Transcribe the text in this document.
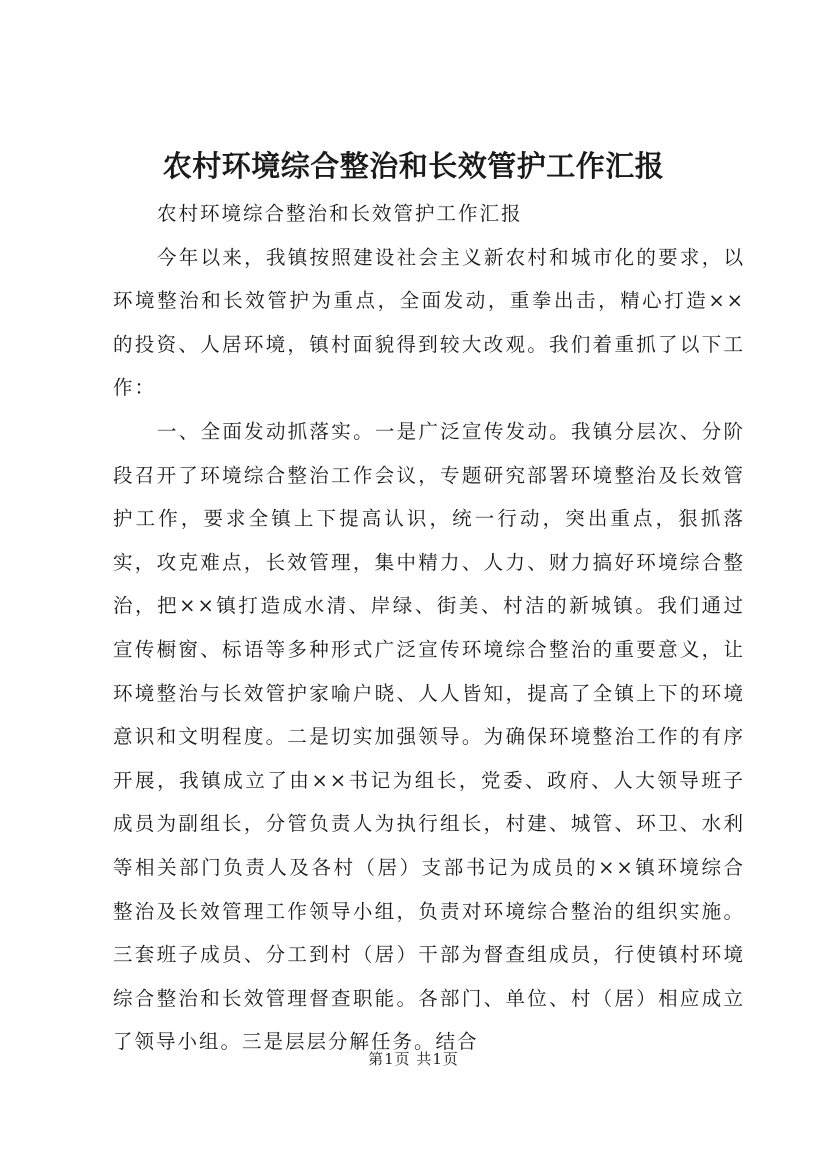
农村环境综合整治和长效管护工作汇报

农村环境综合整治和长效管护工作汇报

今年以来，我镇按照建设社会主义新农村和城市化的要求，以环境整治和长效管护为重点，全面发动，重拳出击，精心打造××的投资、人居环境，镇村面貌得到较大改观。我们着重抓了以下工作：

一、全面发动抓落实。一是广泛宣传发动。我镇分层次、分阶段召开了环境综合整治工作会议，专题研究部署环境整治及长效管护工作，要求全镇上下提高认识，统一行动，突出重点，狠抓落实，攻克难点，长效管理，集中精力、人力、财力搞好环境综合整治，把××镇打造成水清、岸绿、街美、村洁的新城镇。我们通过宣传橱窗、标语等多种形式广泛宣传环境综合整治的重要意义，让环境整治与长效管护家喻户晓、人人皆知，提高了全镇上下的环境意识和文明程度。二是切实加强领导。为确保环境整治工作的有序开展，我镇成立了由××书记为组长，党委、政府、人大领导班子成员为副组长，分管负责人为执行组长，村建、城管、环卫、水利等相关部门负责人及各村（居）支部书记为成员的××镇环境综合整治及长效管理工作领导小组，负责对环境综合整治的组织实施。三套班子成员、分工到村（居）干部为督查组成员，行使镇村环境综合整治和长效管理督查职能。各部门、单位、村（居）相应成立了领导小组。三是层层分解任务。结合

第1页 共1页
